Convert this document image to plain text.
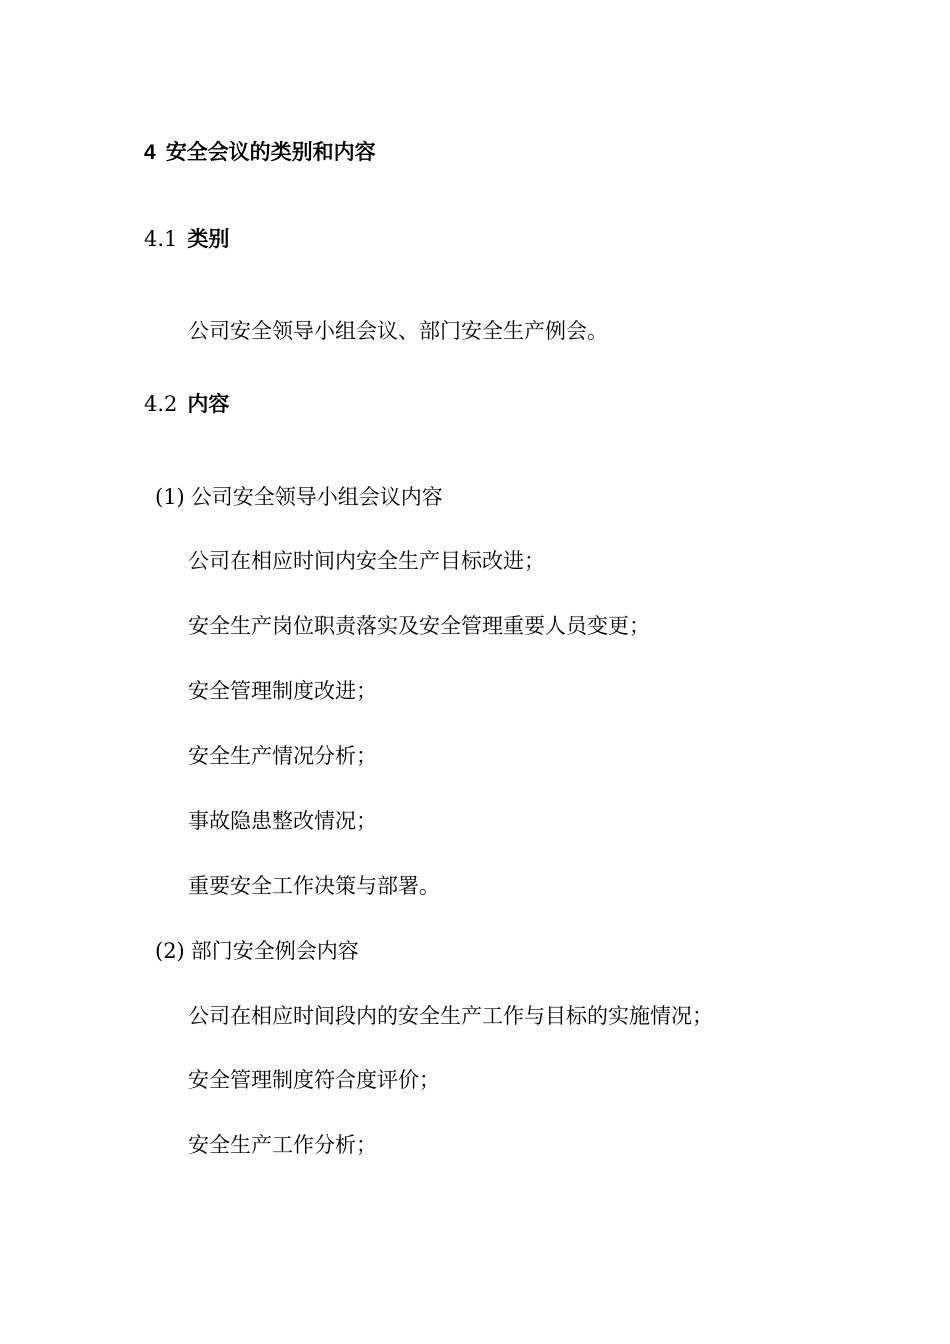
4 安全会议的类别和内容
4.1 类别
公司安全领导小组会议、部门安全生产例会。
4.2 内容
(1) 公司安全领导小组会议内容
公司在相应时间内安全生产目标改进；
安全生产岗位职责落实及安全管理重要人员变更；
安全管理制度改进；
安全生产情况分析；
事故隐患整改情况；
重要安全工作决策与部署。
(2) 部门安全例会内容
公司在相应时间段内的安全生产工作与目标的实施情况；
安全管理制度符合度评价；
安全生产工作分析；
